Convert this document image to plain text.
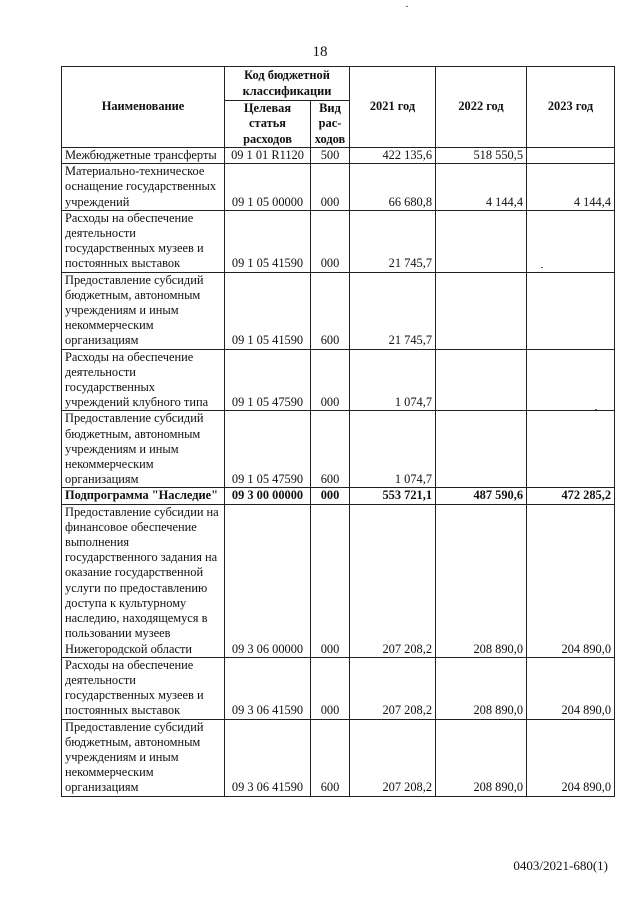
18
Наименование	Код бюджетной классификации		2021 год	2022 год	2023 год
	Целевая статья расходов	Вид рас-ходов			
Межбюджетные трансферты	09 1 01 R1120	500	422 135,6	518 550,5	
Материально-техническое оснащение государственных учреждений	09 1 05 00000	000	66 680,8	4 144,4	4 144,4
Расходы на обеспечение деятельности государственных музеев и постоянных выставок	09 1 05 41590	000	21 745,7		
Предоставление субсидий бюджетным, автономным учреждениям и иным некоммерческим организациям	09 1 05 41590	600	21 745,7		
Расходы на обеспечение деятельности государственных учреждений клубного типа	09 1 05 47590	000	1 074,7		
Предоставление субсидий бюджетным, автономным учреждениям и иным некоммерческим организациям	09 1 05 47590	600	1 074,7		
Подпрограмма "Наследие"	09 3 00 00000	000	553 721,1	487 590,6	472 285,2
Предоставление субсидии на финансовое обеспечение выполнения государственного задания на оказание государственной услуги по предоставлению доступа к культурному наследию, находящемуся в пользовании музеев Нижегородской области	09 3 06 00000	000	207 208,2	208 890,0	204 890,0
Расходы на обеспечение деятельности государственных музеев и постоянных выставок	09 3 06 41590	000	207 208,2	208 890,0	204 890,0
Предоставление субсидий бюджетным, автономным учреждениям и иным некоммерческим организациям	09 3 06 41590	600	207 208,2	208 890,0	204 890,0
0403/2021-680(1)
